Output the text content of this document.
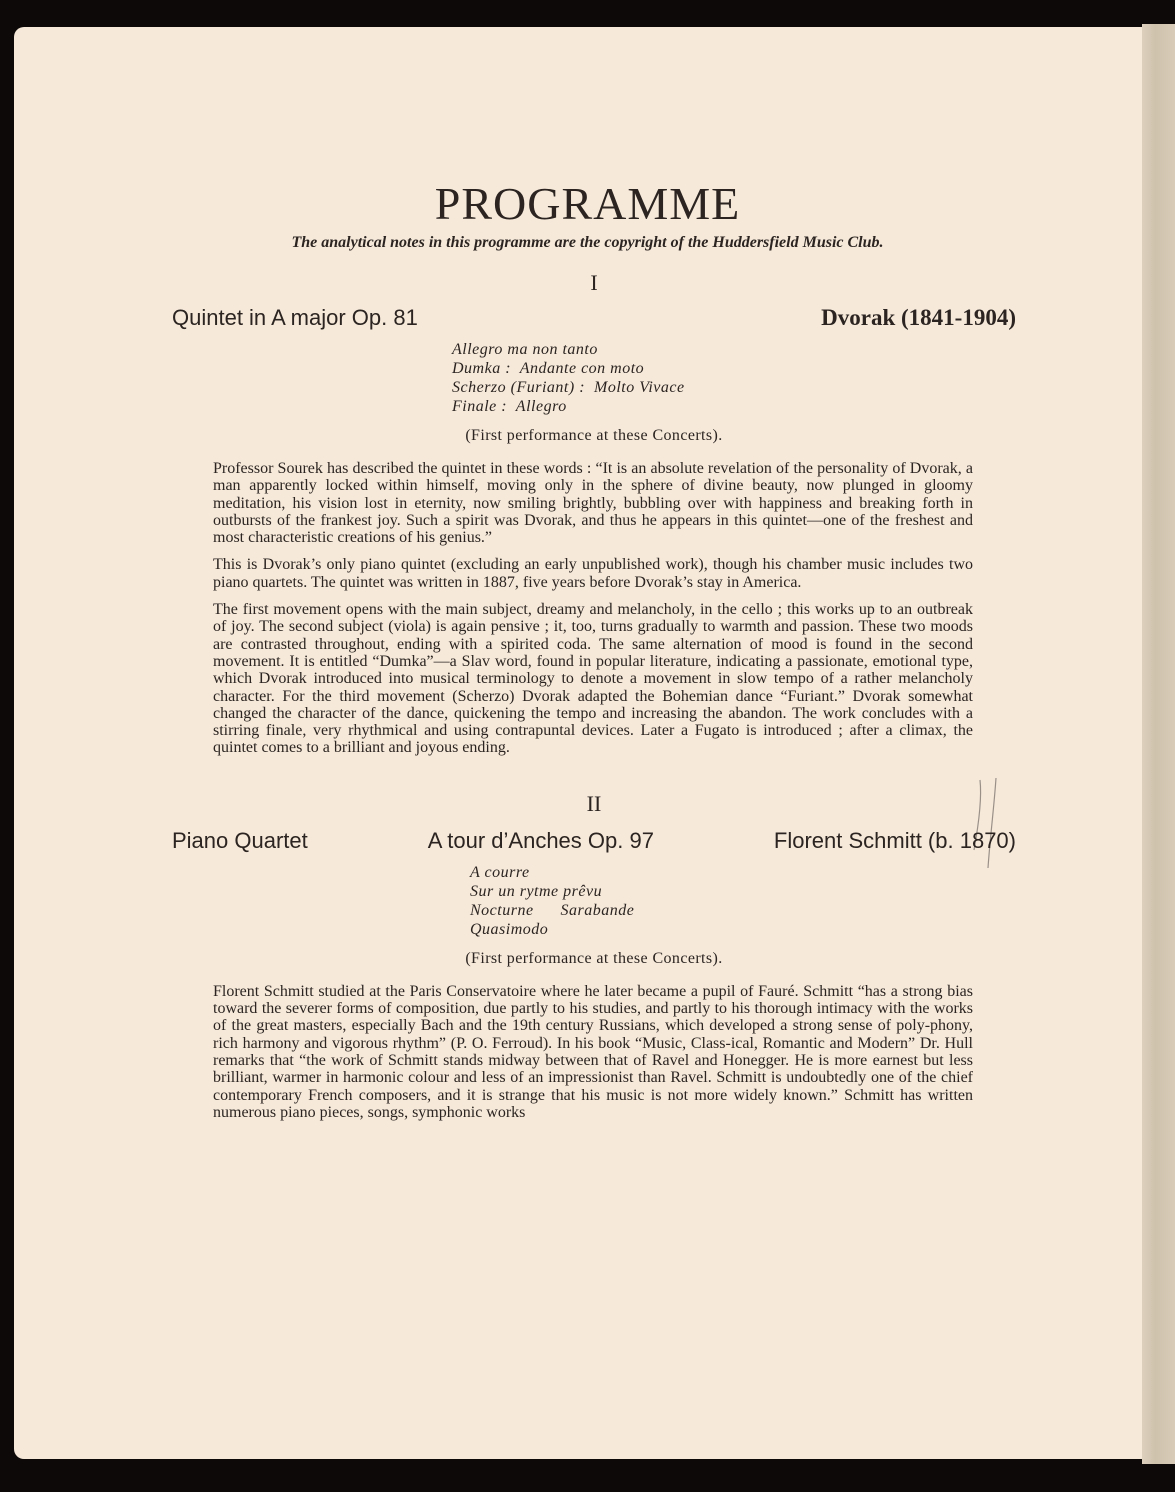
PROGRAMME
The analytical notes in this programme are the copyright of the Huddersfield Music Club.
I
Quintet in A major Op. 81	Dvorak (1841-1904)
Allegro ma non tanto
Dumka :  Andante con moto
Scherzo (Furiant) :  Molto Vivace
Finale :  Allegro
(First performance at these Concerts).

Professor Sourek has described the quintet in these words : “It is an absolute revelation of the personality of Dvorak, a man apparently locked within himself, moving only in the sphere of divine beauty, now plunged in gloomy meditation, his vision lost in eternity, now smiling brightly, bubbling over with happiness and breaking forth in outbursts of the frankest joy. Such a spirit was Dvorak, and thus he appears in this quintet—one of the freshest and most characteristic creations of his genius.”

This is Dvorak’s only piano quintet (excluding an early unpublished work), though his chamber music includes two piano quartets. The quintet was written in 1887, five years before Dvorak’s stay in America.

The first movement opens with the main subject, dreamy and melancholy, in the cello ; this works up to an outbreak of joy. The second subject (viola) is again pensive ; it, too, turns gradually to warmth and passion. These two moods are contrasted throughout, ending with a spirited coda. The same alternation of mood is found in the second movement. It is entitled “Dumka”—a Slav word, found in popular literature, indicating a passionate, emotional type, which Dvorak introduced into musical terminology to denote a movement in slow tempo of a rather melancholy character. For the third movement (Scherzo) Dvorak adapted the Bohemian dance “Furiant.” Dvorak somewhat changed the character of the dance, quickening the tempo and increasing the abandon. The work concludes with a stirring finale, very rhythmical and using contrapuntal devices. Later a Fugato is introduced ; after a climax, the quintet comes to a brilliant and joyous ending.

II
Piano Quartet	A tour d’Anches Op. 97	Florent Schmitt (b. 1870)
A courre
Sur un rytme prêvu
Nocturne      Sarabande
Quasimodo
(First performance at these Concerts).

Florent Schmitt studied at the Paris Conservatoire where he later became a pupil of Fauré. Schmitt “has a strong bias toward the severer forms of composition, due partly to his studies, and partly to his thorough intimacy with the works of the great masters, especially Bach and the 19th century Russians, which developed a strong sense of poly-phony, rich harmony and vigorous rhythm” (P. O. Ferroud). In his book “Music, Class-ical, Romantic and Modern” Dr. Hull remarks that “the work of Schmitt stands midway between that of Ravel and Honegger. He is more earnest but less brilliant, warmer in harmonic colour and less of an impressionist than Ravel. Schmitt is undoubtedly one of the chief contemporary French composers, and it is strange that his music is not more widely known.” Schmitt has written numerous piano pieces, songs, symphonic works
